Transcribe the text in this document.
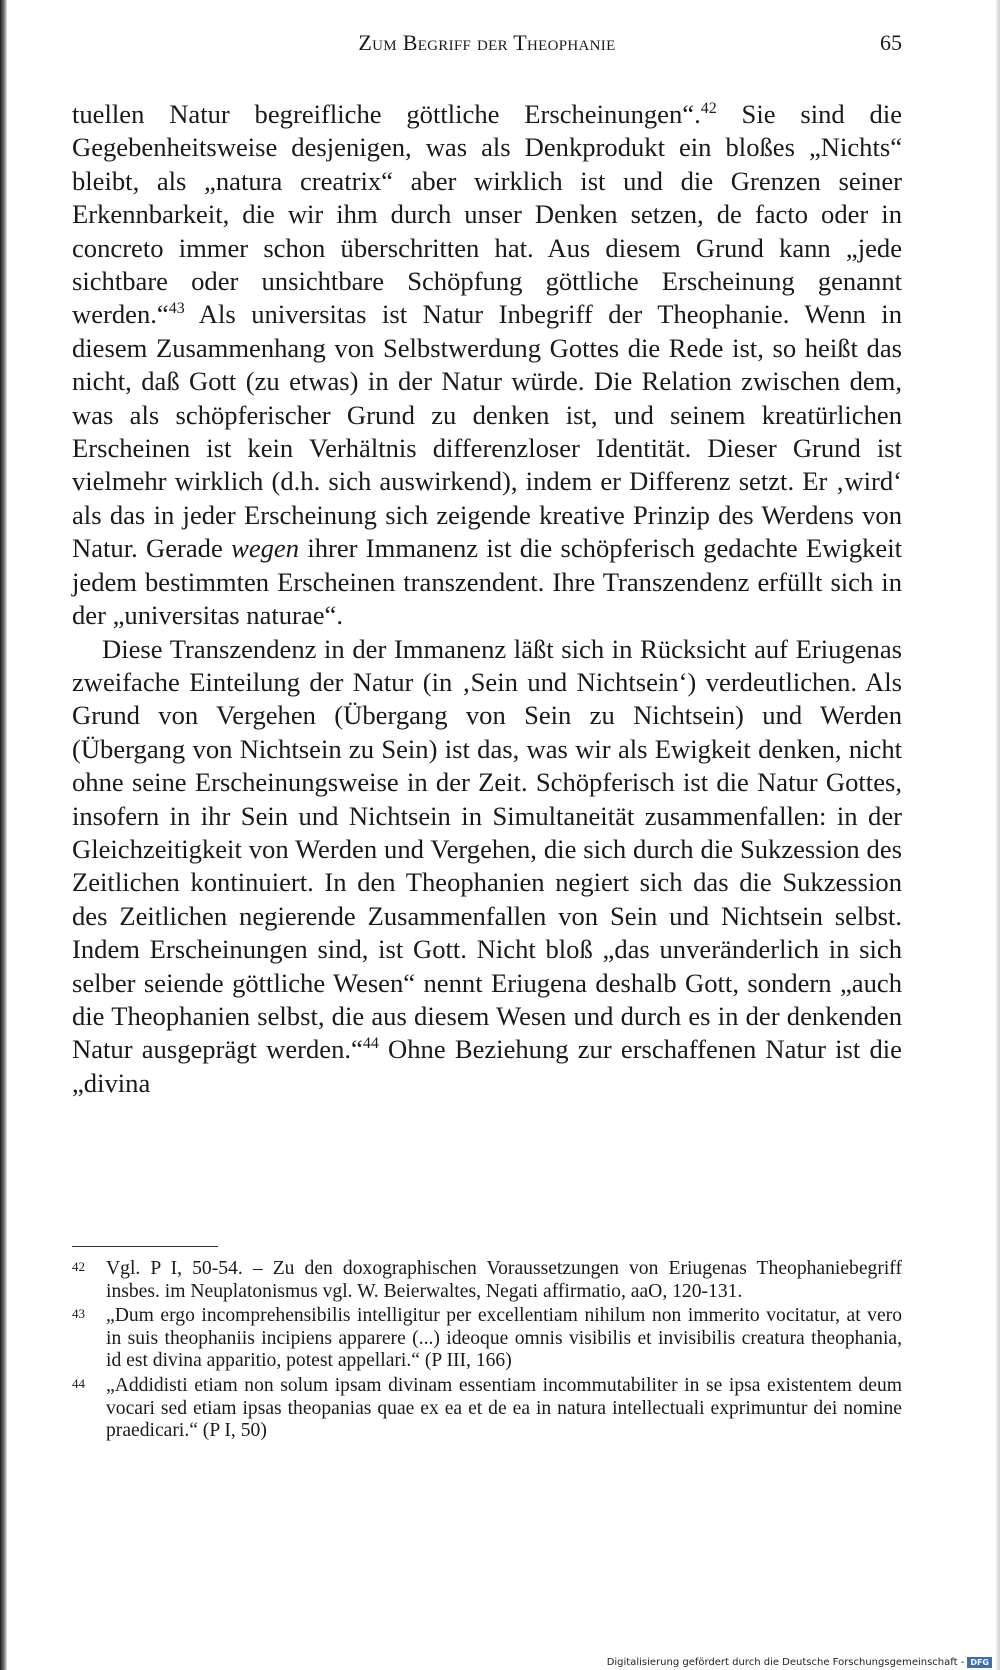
Zum Begriff der Theophanie	65

tuellen Natur begreifliche göttliche Erscheinungen“.$^{42}$ Sie sind die Gegebenheitsweise desjenigen, was als Denkprodukt ein bloßes „Nichts“ bleibt, als „natura creatrix“ aber wirklich ist und die Grenzen seiner Erkennbarkeit, die wir ihm durch unser Denken setzen, de facto oder in concreto immer schon überschritten hat. Aus diesem Grund kann „jede sichtbare oder unsichtbare Schöpfung göttliche Erscheinung genannt werden.“$^{43}$ Als universitas ist Natur Inbegriff der Theophanie. Wenn in diesem Zusammenhang von Selbstwerdung Gottes die Rede ist, so heißt das nicht, daß Gott (zu etwas) in der Natur würde. Die Relation zwischen dem, was als schöpferischer Grund zu denken ist, und seinem kreatürlichen Erscheinen ist kein Verhältnis differenzloser Identität. Dieser Grund ist vielmehr wirklich (d.h. sich auswirkend), indem er Differenz setzt. Er ‚wird‘ als das in jeder Erscheinung sich zeigende kreative Prinzip des Werdens von Natur. Gerade wegen ihrer Immanenz ist die schöpferisch gedachte Ewigkeit jedem bestimmten Erscheinen transzendent. Ihre Transzendenz erfüllt sich in der „universitas naturae“.

Diese Transzendenz in der Immanenz läßt sich in Rücksicht auf Eriugenas zweifache Einteilung der Natur (in ‚Sein und Nichtsein‘) verdeutlichen. Als Grund von Vergehen (Übergang von Sein zu Nichtsein) und Werden (Übergang von Nichtsein zu Sein) ist das, was wir als Ewigkeit denken, nicht ohne seine Erscheinungsweise in der Zeit. Schöpferisch ist die Natur Gottes, insofern in ihr Sein und Nichtsein in Simultaneität zusammenfallen: in der Gleichzeitigkeit von Werden und Vergehen, die sich durch die Sukzession des Zeitlichen kontinuiert. In den Theophanien negiert sich das die Sukzession des Zeitlichen negierende Zusammenfallen von Sein und Nichtsein selbst. Indem Erscheinungen sind, ist Gott. Nicht bloß „das unveränderlich in sich selber seiende göttliche Wesen“ nennt Eriugena deshalb Gott, sondern „auch die Theophanien selbst, die aus diesem Wesen und durch es in der denkenden Natur ausgeprägt werden.“$^{44}$ Ohne Beziehung zur erschaffenen Natur ist die „divina

42 Vgl. P I, 50-54. – Zu den doxographischen Voraussetzungen von Eriugenas Theophaniebegriff insbes. im Neuplatonismus vgl. W. Beierwaltes, Negati affirmatio, aaO, 120-131.
43 „Dum ergo incomprehensibilis intelligitur per excellentiam nihilum non immerito vocitatur, at vero in suis theophaniis incipiens apparere (...) ideoque omnis visibilis et invisibilis creatura theophania, id est divina apparitio, potest appellari.“ (P III, 166)
44 „Addidisti etiam non solum ipsam divinam essentiam incommutabiliter in se ipsa existentem deum vocari sed etiam ipsas theopanias quae ex ea et de ea in natura intellectuali exprimuntur dei nomine praedicari.“ (P I, 50)
Digitalisierung gefördert durch die Deutsche Forschungsgemeinschaft - DFG
